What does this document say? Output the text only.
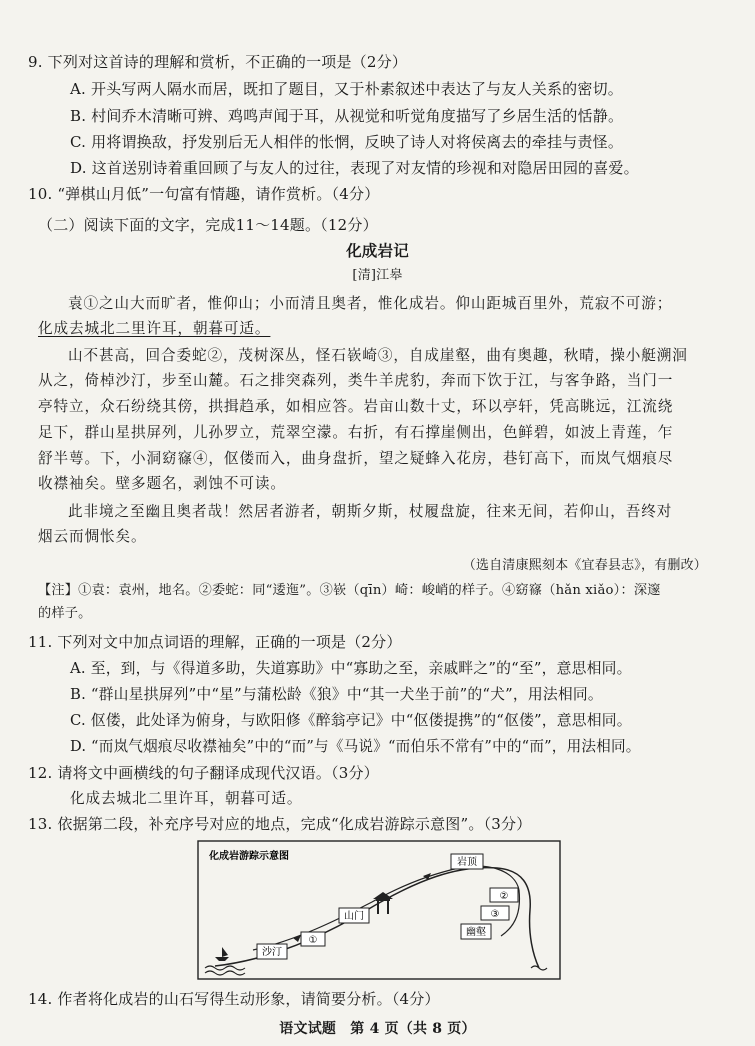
9. 下列对这首诗的理解和赏析，不正确的一项是（2分）
A. 开头写两人隔水而居，既扣了题目，又于朴素叙述中表达了与友人关系的密切。
B. 村间乔木清晰可辨、鸡鸣声闻于耳，从视觉和听觉角度描写了乡居生活的恬静。
C. 用将谓换敌，抒发别后无人相伴的怅惘，反映了诗人对将侯离去的牵挂与责怪。
D. 这首送别诗着重回顾了与友人的过往，表现了对友情的珍视和对隐居田园的喜爱。
10. “弹棋山月低”一句富有情趣，请作赏析。（4分）
（二）阅读下面的文字，完成11～14题。（12分）
化成岩记
[清]江皋
袁①之山大而旷者，惟仰山；小而清且奥者，惟化成岩。仰山距城百里外，荒寂不可游；
化成去城北二里许耳，朝暮可适。
山不甚高，回合委蛇②，茂树深丛，怪石嵚崎③，自成崖壑，曲有奥趣，秋晴，操小艇溯洄
从之，倚棹沙汀，步至山麓。石之排突森列，类牛羊虎豹，奔而下饮于江，与客争路，当门一
亭特立，众石纷绕其傍，拱揖趋承，如相应答。岩亩山数十丈，环以亭轩，凭高眺远，江流绕
足下，群山星拱屏列，儿孙罗立，荒翠空濛。右折，有石撑崖侧出，色鲜碧，如波上青莲，乍
舒半萼。下，小洞窈窱④，伛偻而入，曲身盘折，望之疑蜂入花房，巷钉高下，而岚气烟痕尽
收襟袖矣。壁多题名，剥蚀不可读。
此非境之至幽且奥者哉！然居者游者，朝斯夕斯，杖履盘旋，往来无间，若仰山，吾终对
烟云而惆怅矣。
（选自清康熙刻本《宜春县志》，有删改）
【注】①袁：袁州，地名。②委蛇：同“逶迤”。③嵚（qīn）崎：峻峭的样子。④窈窱（hǎn xiǎo）：深邃
的样子。
11. 下列对文中加点词语的理解，正确的一项是（2分）
A. 至，到，与《得道多助，失道寡助》中“寡助之至，亲戚畔之”的“至”，意思相同。
B. “群山星拱屏列”中“星”与蒲松龄《狼》中“其一犬坐于前”的“犬”，用法相同。
C. 伛偻，此处译为俯身，与欧阳修《醉翁亭记》中“伛偻提携”的“伛偻”，意思相同。
D. “而岚气烟痕尽收襟袖矣”中的“而”与《马说》“而伯乐不常有”中的“而”，用法相同。
12. 请将文中画横线的句子翻译成现代汉语。（3分）
化成去城北二里许耳，朝暮可适。
13. 依据第二段，补充序号对应的地点，完成“化成岩游踪示意图”。（3分）
化成岩游踪示意图
沙汀
①
山门
岩顶
②
③
幽壑
14. 作者将化成岩的山石写得生动形象，请简要分析。（4分）
语文试题　第 4 页（共 8 页）
